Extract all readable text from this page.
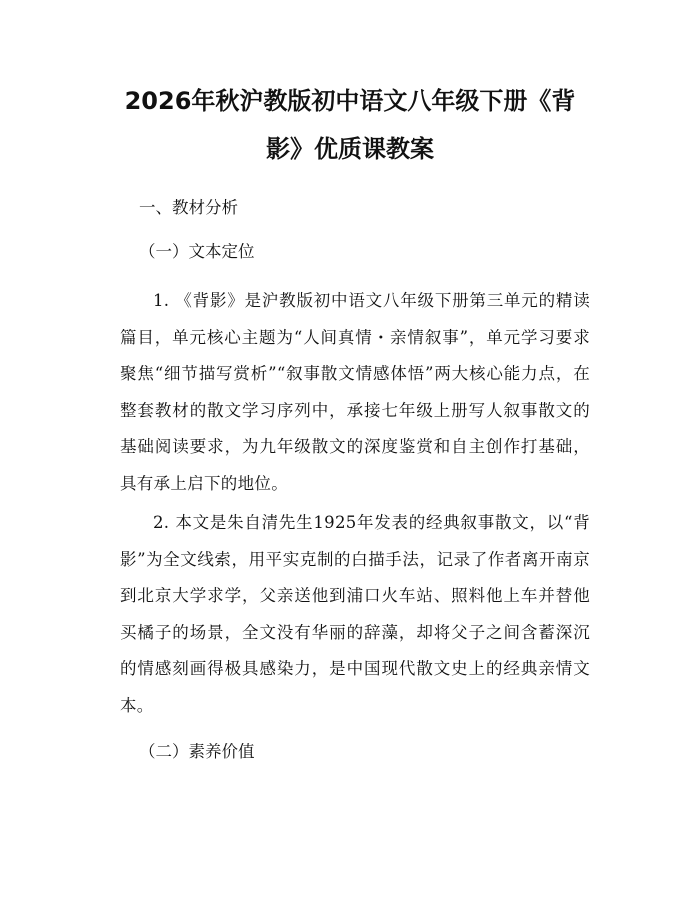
2026年秋沪教版初中语文八年级下册《背
影》优质课教案

一、教材分析

（一）文本定位

1. 《背影》是沪教版初中语文八年级下册第三单元的精读篇目，单元核心主题为“人间真情・亲情叙事”，单元学习要求聚焦“细节描写赏析”“叙事散文情感体悟”两大核心能力点，在整套教材的散文学习序列中，承接七年级上册写人叙事散文的基础阅读要求，为九年级散文的深度鉴赏和自主创作打基础，具有承上启下的地位。

2. 本文是朱自清先生1925年发表的经典叙事散文，以“背影”为全文线索，用平实克制的白描手法，记录了作者离开南京到北京大学求学，父亲送他到浦口火车站、照料他上车并替他买橘子的场景，全文没有华丽的辞藻，却将父子之间含蓄深沉的情感刻画得极具感染力，是中国现代散文史上的经典亲情文本。

（二）素养价值
